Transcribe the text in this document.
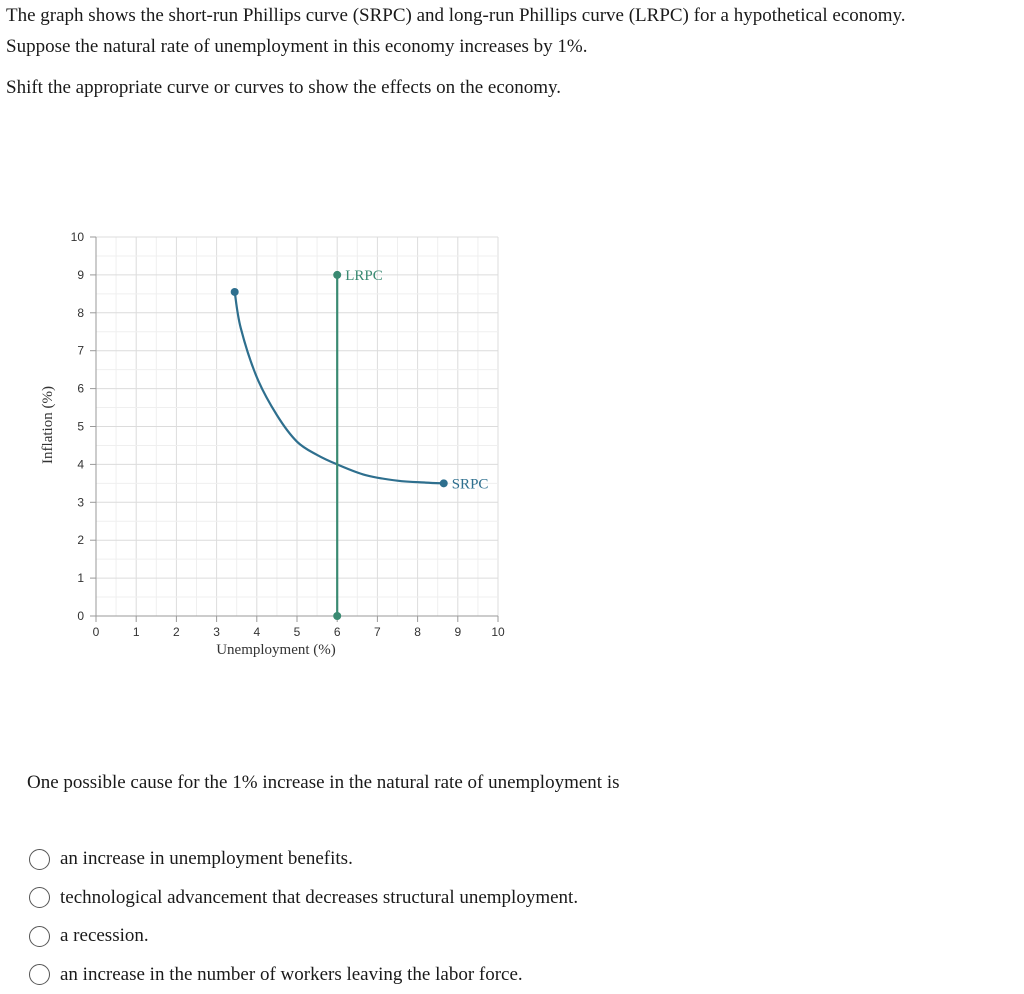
The graph shows the short-run Phillips curve (SRPC) and long-run Phillips curve (LRPC) for a hypothetical economy.

Suppose the natural rate of unemployment in this economy increases by 1%.

Shift the appropriate curve or curves to show the effects on the economy.

0
1
2
3
4
5
6
7
8
9
10
0	1	2	3	4	5	6	7	8	9	10
SRPC
LRPC
Unemployment (%)
Inflation (%)
One possible cause for the 1% increase in the natural rate of unemployment is
an increase in unemployment benefits.
technological advancement that decreases structural unemployment.
a recession.
an increase in the number of workers leaving the labor force.
